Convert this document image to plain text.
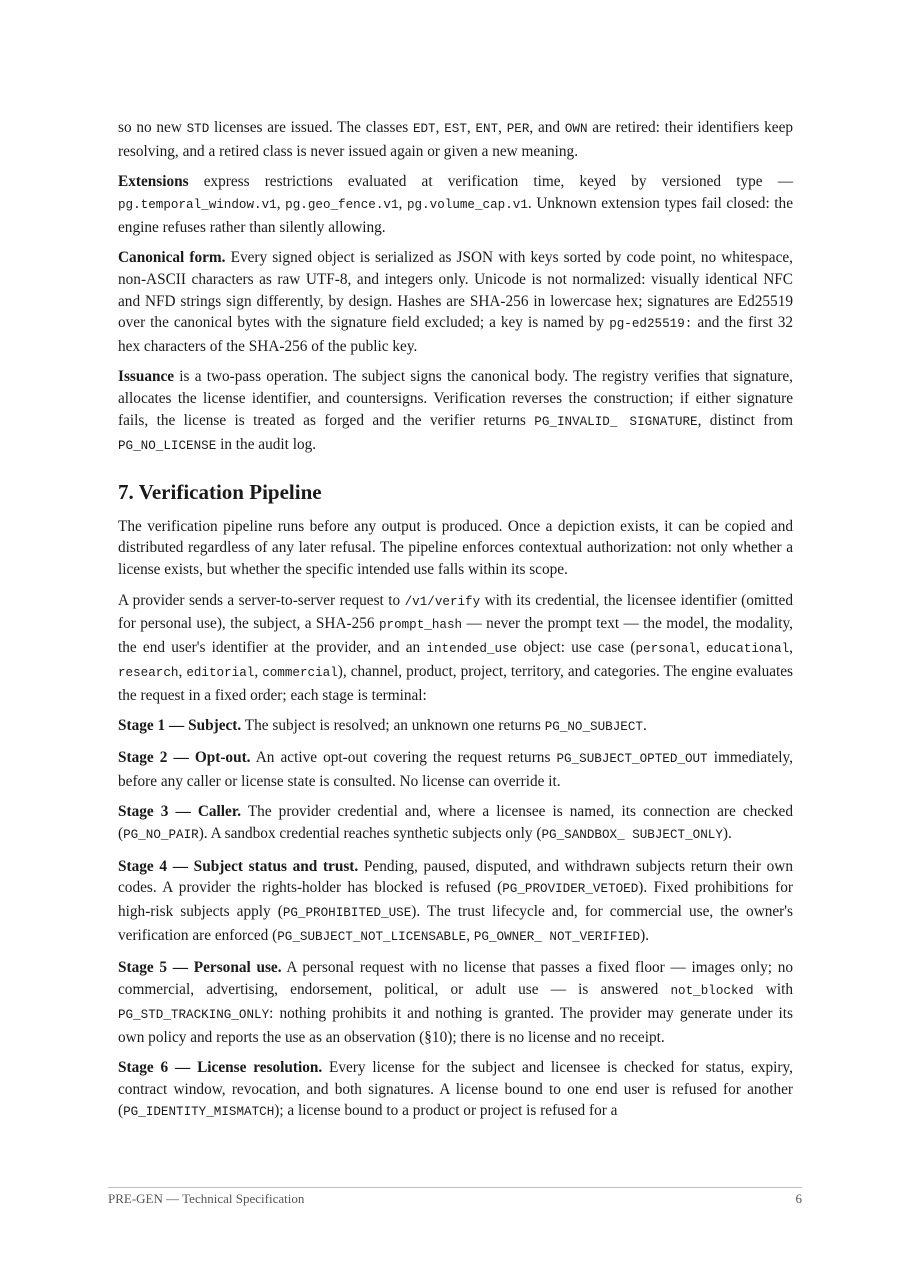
so no new STD licenses are issued. The classes EDT, EST, ENT, PER, and OWN are retired: their identifiers keep resolving, and a retired class is never issued again or given a new meaning.

Extensions express restrictions evaluated at verification time, keyed by versioned type — pg.temporal_window.v1, pg.geo_fence.v1, pg.volume_cap.v1. Unknown extension types fail closed: the engine refuses rather than silently allowing.

Canonical form. Every signed object is serialized as JSON with keys sorted by code point, no whitespace, non-ASCII characters as raw UTF-8, and integers only. Unicode is not normalized: visually identical NFC and NFD strings sign differently, by design. Hashes are SHA-256 in lowercase hex; signatures are Ed25519 over the canonical bytes with the signature field excluded; a key is named by pg-ed25519: and the first 32 hex characters of the SHA-256 of the public key.

Issuance is a two-pass operation. The subject signs the canonical body. The registry verifies that signature, allocates the license identifier, and countersigns. Verification reverses the construction; if either signature fails, the license is treated as forged and the verifier returns PG_INVALID_ SIGNATURE, distinct from PG_NO_LICENSE in the audit log.

7. Verification Pipeline

The verification pipeline runs before any output is produced. Once a depiction exists, it can be copied and distributed regardless of any later refusal. The pipeline enforces contextual authorization: not only whether a license exists, but whether the specific intended use falls within its scope.

A provider sends a server-to-server request to /v1/verify with its credential, the licensee identifier (omitted for personal use), the subject, a SHA-256 prompt_hash — never the prompt text — the model, the modality, the end user's identifier at the provider, and an intended_use object: use case (personal, educational, research, editorial, commercial), channel, product, project, territory, and categories. The engine evaluates the request in a fixed order; each stage is terminal:

Stage 1 — Subject. The subject is resolved; an unknown one returns PG_NO_SUBJECT.

Stage 2 — Opt-out. An active opt-out covering the request returns PG_SUBJECT_OPTED_OUT immediately, before any caller or license state is consulted. No license can override it.

Stage 3 — Caller. The provider credential and, where a licensee is named, its connection are checked (PG_NO_PAIR). A sandbox credential reaches synthetic subjects only (PG_SANDBOX_ SUBJECT_ONLY).

Stage 4 — Subject status and trust. Pending, paused, disputed, and withdrawn subjects return their own codes. A provider the rights-holder has blocked is refused (PG_PROVIDER_VETOED). Fixed prohibitions for high-risk subjects apply (PG_PROHIBITED_USE). The trust lifecycle and, for commercial use, the owner's verification are enforced (PG_SUBJECT_NOT_LICENSABLE, PG_OWNER_ NOT_VERIFIED).

Stage 5 — Personal use. A personal request with no license that passes a fixed floor — images only; no commercial, advertising, endorsement, political, or adult use — is answered not_blocked with PG_STD_TRACKING_ONLY: nothing prohibits it and nothing is granted. The provider may generate under its own policy and reports the use as an observation (§10); there is no license and no receipt.

Stage 6 — License resolution. Every license for the subject and licensee is checked for status, expiry, contract window, revocation, and both signatures. A license bound to one end user is refused for another (PG_IDENTITY_MISMATCH); a license bound to a product or project is refused for a

PRE-GEN — Technical Specification	6
